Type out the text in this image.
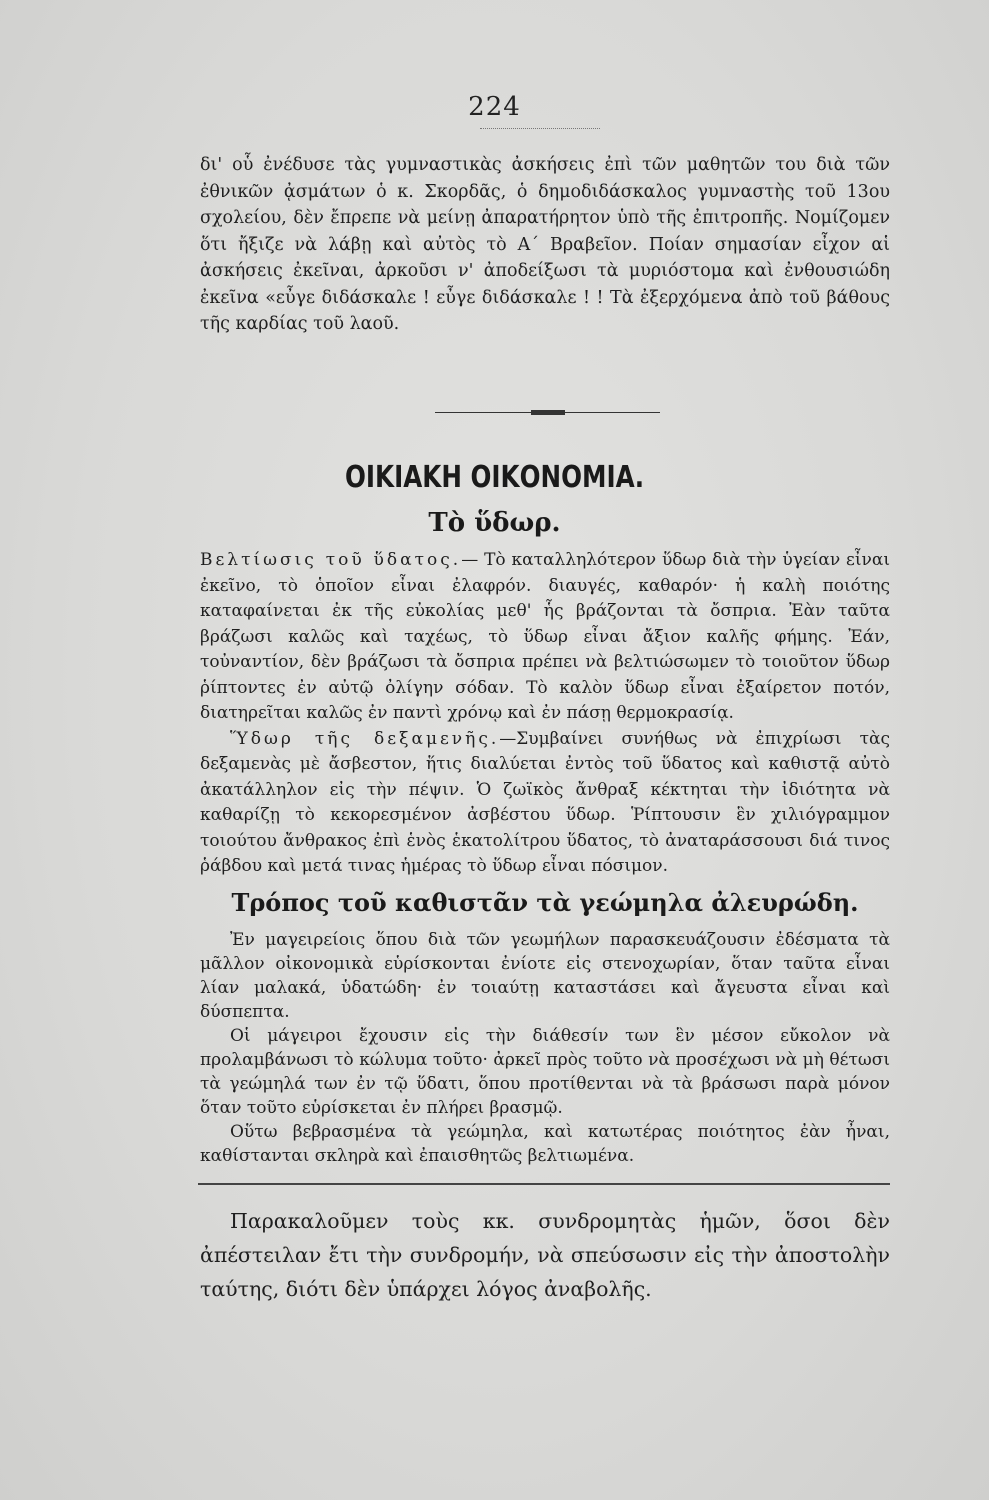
224

δι' οὗ ἐνέδυσε τὰς γυμναστικὰς ἀσκήσεις ἐπὶ τῶν μαθητῶν του διὰ τῶν ἐθνικῶν ᾀσμάτων ὁ κ. Σκορδᾶς, ὁ δημοδιδάσκαλος γυμναστὴς τοῦ 13ου σχολείου, δὲν ἔπρεπε νὰ μείνῃ ἀπαρατήρητον ὑπὸ τῆς ἐπιτροπῆς. Νομίζομεν ὅτι ἤξιζε νὰ λάβῃ καὶ αὐτὸς τὸ Α΄ Βραβεῖον. Ποίαν σημασίαν εἶχον αἱ ἀσκήσεις ἐκεῖναι, ἀρκοῦσι ν' ἀποδείξωσι τὰ μυριόστομα καὶ ἐνθουσιώδη ἐκεῖνα «εὖγε διδάσκαλε ! εὖγε διδάσκαλε ! ! Τὰ ἐξερχόμενα ἀπὸ τοῦ βάθους τῆς καρδίας τοῦ λαοῦ.

ΟΙΚΙΑΚΗ ΟΙΚΟΝΟΜΙΑ.
Τὸ ὕδωρ.

Βελτίωσις τοῦ ὕδατος.— Τὸ καταλληλότερον ὕδωρ διὰ τὴν ὑγείαν εἶναι ἐκεῖνο, τὸ ὁποῖον εἶναι ἐλαφρόν. διαυγές, καθαρόν· ἡ καλὴ ποιότης καταφαίνεται ἐκ τῆς εὐκολίας μεθ' ἧς βράζονται τὰ ὄσπρια. Ἐὰν ταῦτα βράζωσι καλῶς καὶ ταχέως, τὸ ὕδωρ εἶναι ἄξιον καλῆς φήμης. Ἐάν, τοὐναντίον, δὲν βράζωσι τὰ ὄσπρια πρέπει νὰ βελτιώσωμεν τὸ τοιοῦτον ὕδωρ ῥίπτοντες ἐν αὐτῷ ὀλίγην σόδαν. Τὸ καλὸν ὕδωρ εἶναι ἐξαίρετον ποτόν, διατηρεῖται καλῶς ἐν παντὶ χρόνῳ καὶ ἐν πάσῃ θερμοκρασίᾳ.

Ὕδωρ τῆς δεξαμενῆς.—Συμβαίνει συνήθως νὰ ἐπιχρίωσι τὰς δεξαμενὰς μὲ ἄσβεστον, ἥτις διαλύεται ἐντὸς τοῦ ὕδατος καὶ καθιστᾷ αὐτὸ ἀκατάλληλον εἰς τὴν πέψιν. Ὁ ζωϊκὸς ἄνθραξ κέκτηται τὴν ἰδιότητα νὰ καθαρίζῃ τὸ κεκορεσμένον ἀσβέστου ὕδωρ. Ῥίπτουσιν ἓν χιλιόγραμμον τοιούτου ἄνθρακος ἐπὶ ἑνὸς ἑκατολίτρου ὕδατος, τὸ ἀναταράσσουσι διά τινος ῥάβδου καὶ μετά τινας ἡμέρας τὸ ὕδωρ εἶναι πόσιμον.

Τρόπος τοῦ καθιστᾶν τὰ γεώμηλα ἀλευρώδη.

Ἐν μαγειρείοις ὅπου διὰ τῶν γεωμήλων παρασκευάζουσιν ἐδέσματα τὰ μᾶλλον οἰκονομικὰ εὑρίσκονται ἐνίοτε εἰς στενοχωρίαν, ὅταν ταῦτα εἶναι λίαν μαλακά, ὑδατώδη· ἐν τοιαύτῃ καταστάσει καὶ ἄγευστα εἶναι καὶ δύσπεπτα.

Οἱ μάγειροι ἔχουσιν εἰς τὴν διάθεσίν των ἓν μέσον εὔκολον νὰ προλαμβάνωσι τὸ κώλυμα τοῦτο· ἀρκεῖ πρὸς τοῦτο νὰ προσέχωσι νὰ μὴ θέτωσι τὰ γεώμηλά των ἐν τῷ ὕδατι, ὅπου προτίθενται νὰ τὰ βράσωσι παρὰ μόνον ὅταν τοῦτο εὑρίσκεται ἐν πλήρει βρασμῷ.

Οὕτω βεβρασμένα τὰ γεώμηλα, καὶ κατωτέρας ποιότητος ἐὰν ἦναι, καθίστανται σκληρὰ καὶ ἐπαισθητῶς βελτιωμένα.

Παρακαλοῦμεν τοὺς κκ. συνδρομητὰς ἡμῶν, ὅσοι δὲν ἀπέστειλαν ἔτι τὴν συνδρομήν, νὰ σπεύσωσιν εἰς τὴν ἀποστολὴν ταύτης, διότι δὲν ὑπάρχει λόγος ἀναβολῆς.
